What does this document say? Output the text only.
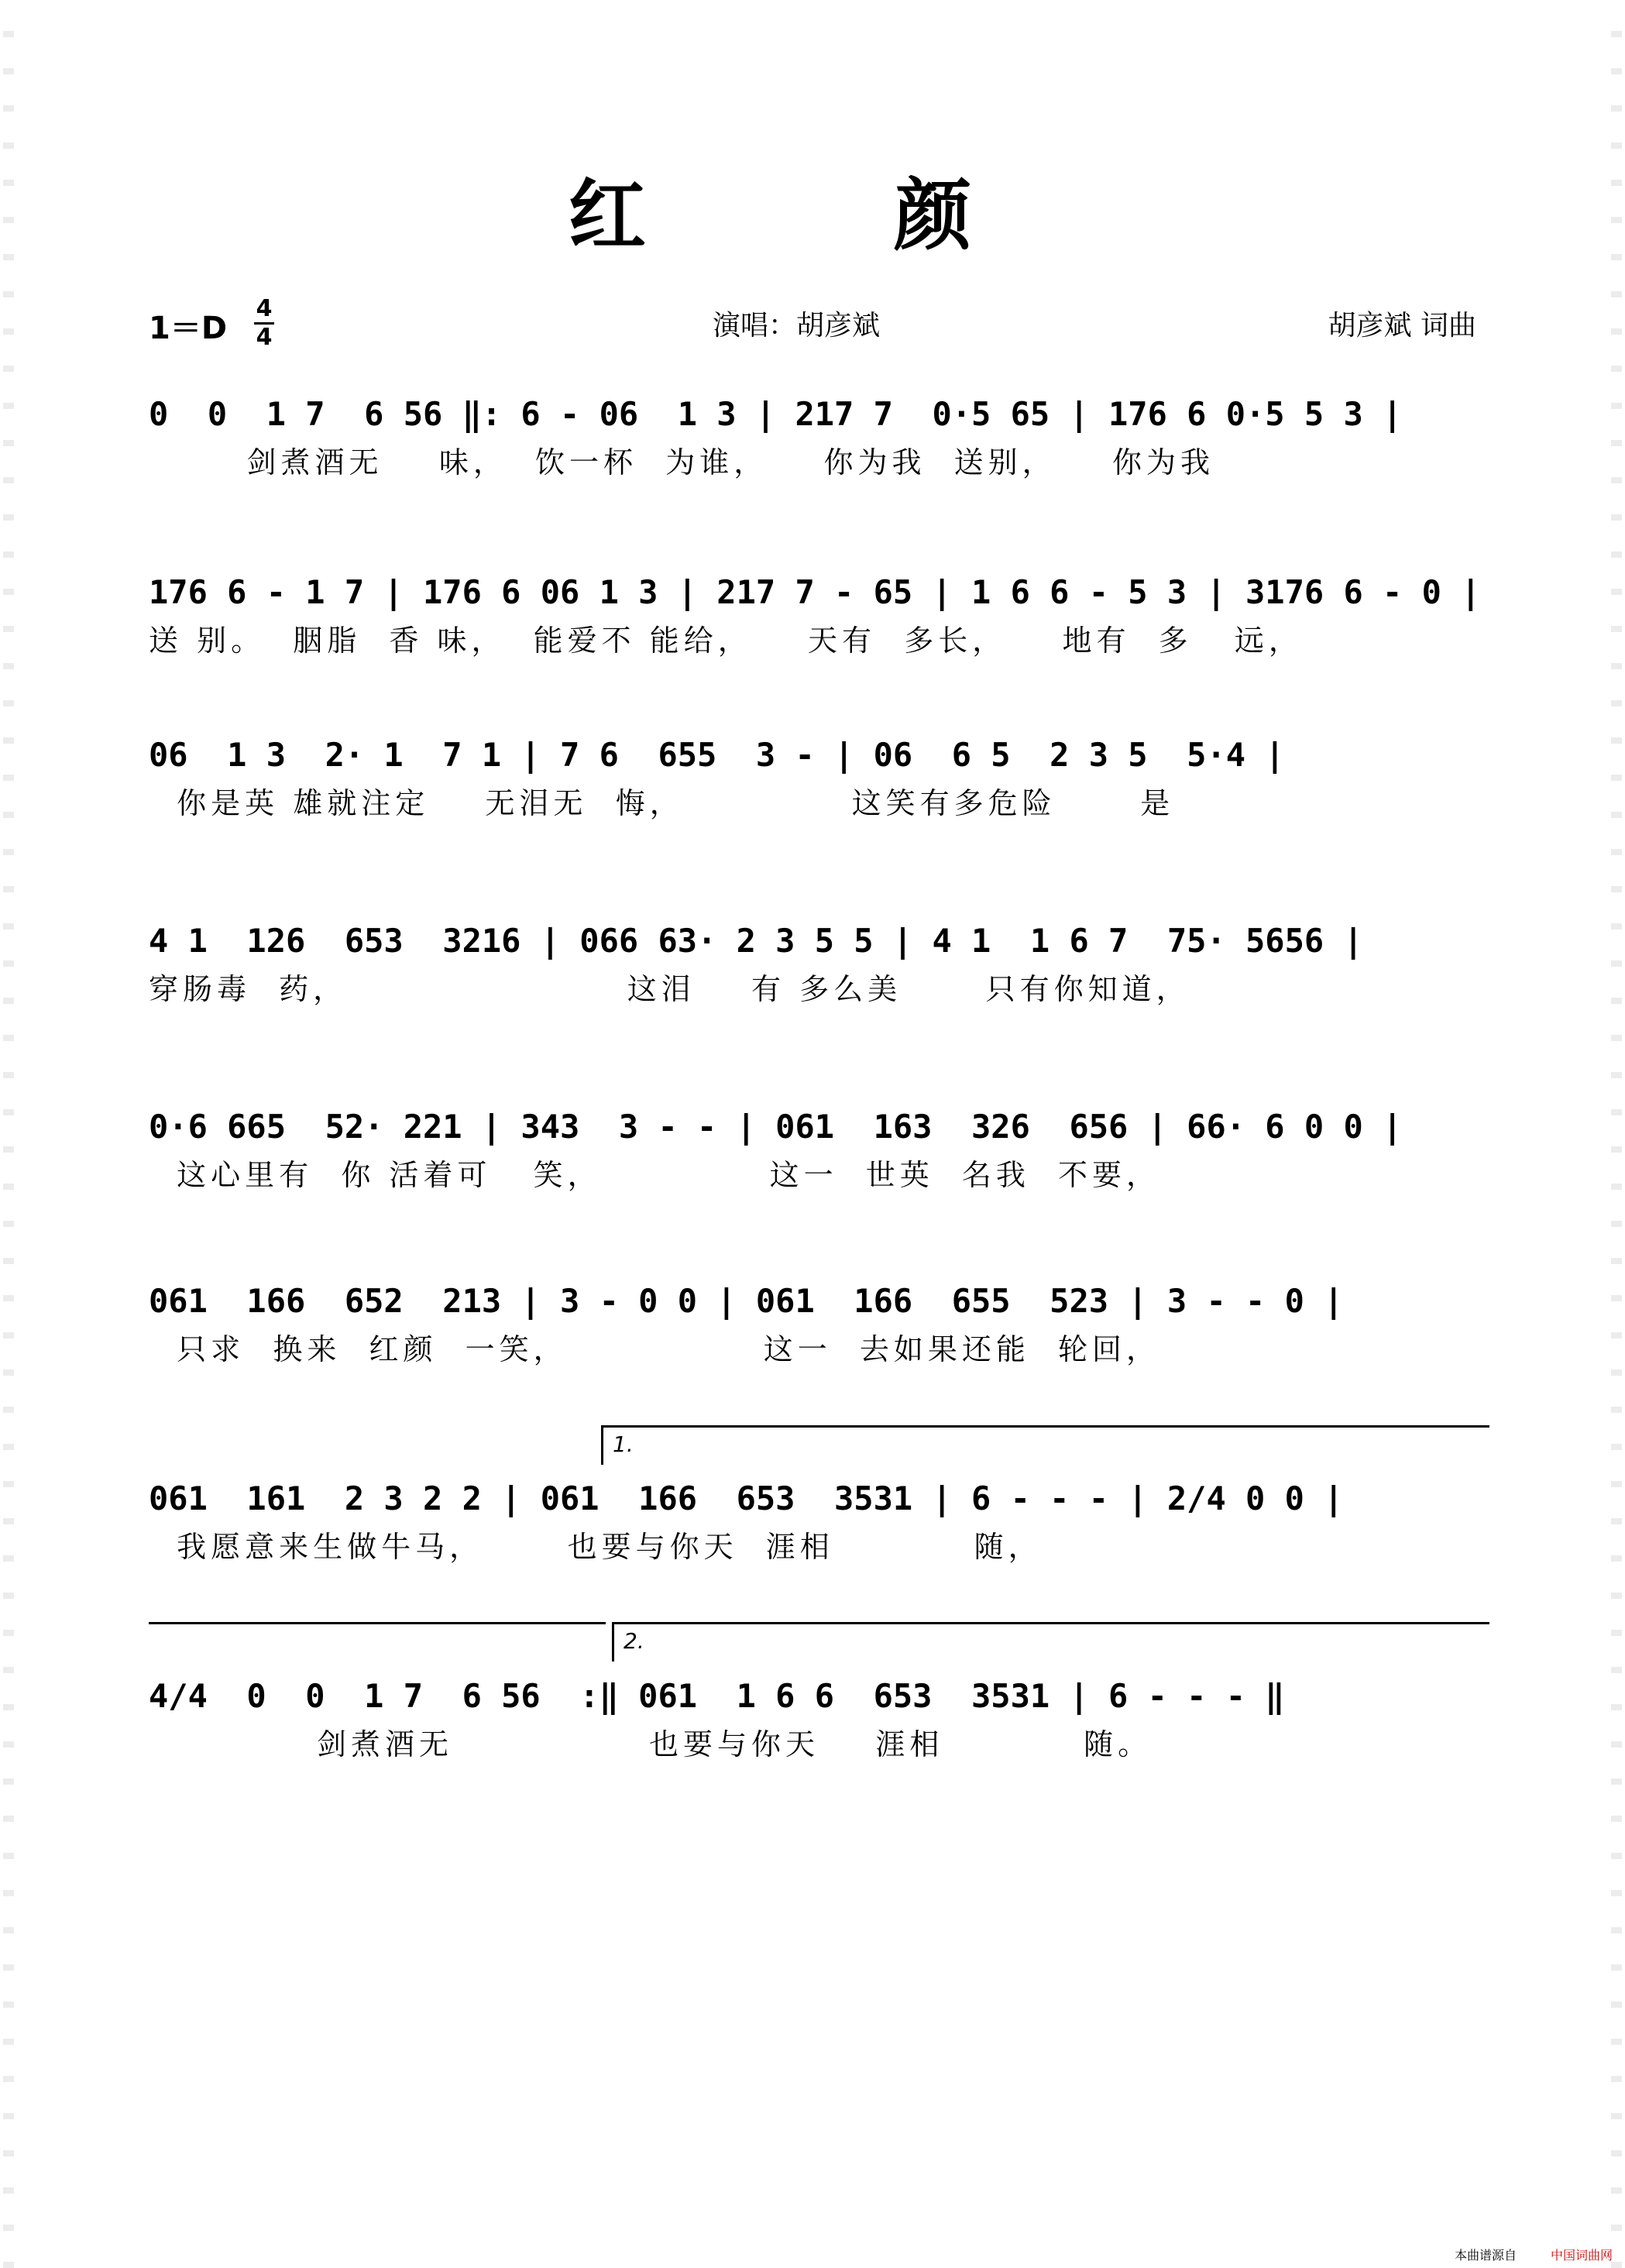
红　颜
1＝D
4
4	演唱：胡彦斌	胡彦斌 词曲
0  0  1 7  6 56 ‖: 6 - 06  1 3 | 217 7  0·5 65 | 176 6 0·5 5 3 |
剑煮酒无    味，  饮一杯  为谁，    你为我  送别，    你为我
176 6 - 1 7 | 176 6 06 1 3 | 217 7 - 65 | 1 6 6 - 5 3 | 3176 6 - 0 |
送 别。  胭脂  香 味，  能爱不 能给，    天有  多长，    地有  多   远，
06  1 3  2· 1  7 1 | 7 6  655  3 - | 06  6 5  2 3 5  5·4 |
你是英 雄就注定    无泪无  悔，            这笑有多危险      是
4 1  126  653  3216 | 066 63· 2 3 5 5 | 4 1  1 6 7  75· 5656 |
穿肠毒  药，                    这泪    有 多么美      只有你知道，
0·6 665  52· 221 | 343  3 - - | 061  163  326  656 | 66· 6 0 0 |
这心里有  你 活着可   笑，            这一  世英  名我  不要，
061  166  652  213 | 3 - 0 0 | 061  166  655  523 | 3 - - 0 |
只求  换来  红颜  一笑，              这一  去如果还能  轮回，
1.
061  161  2 3 2 2 | 061  166  653  3531 | 6 - - - | 2/4 0 0 |
我愿意来生做牛马，      也要与你天  涯相          随，
2.
4/4  0  0  1 7  6 56  :‖ 061  1 6 6  653  3531 | 6 - - - ‖
剑煮酒无              也要与你天    涯相          随。
本曲谱源自	中国词曲网
